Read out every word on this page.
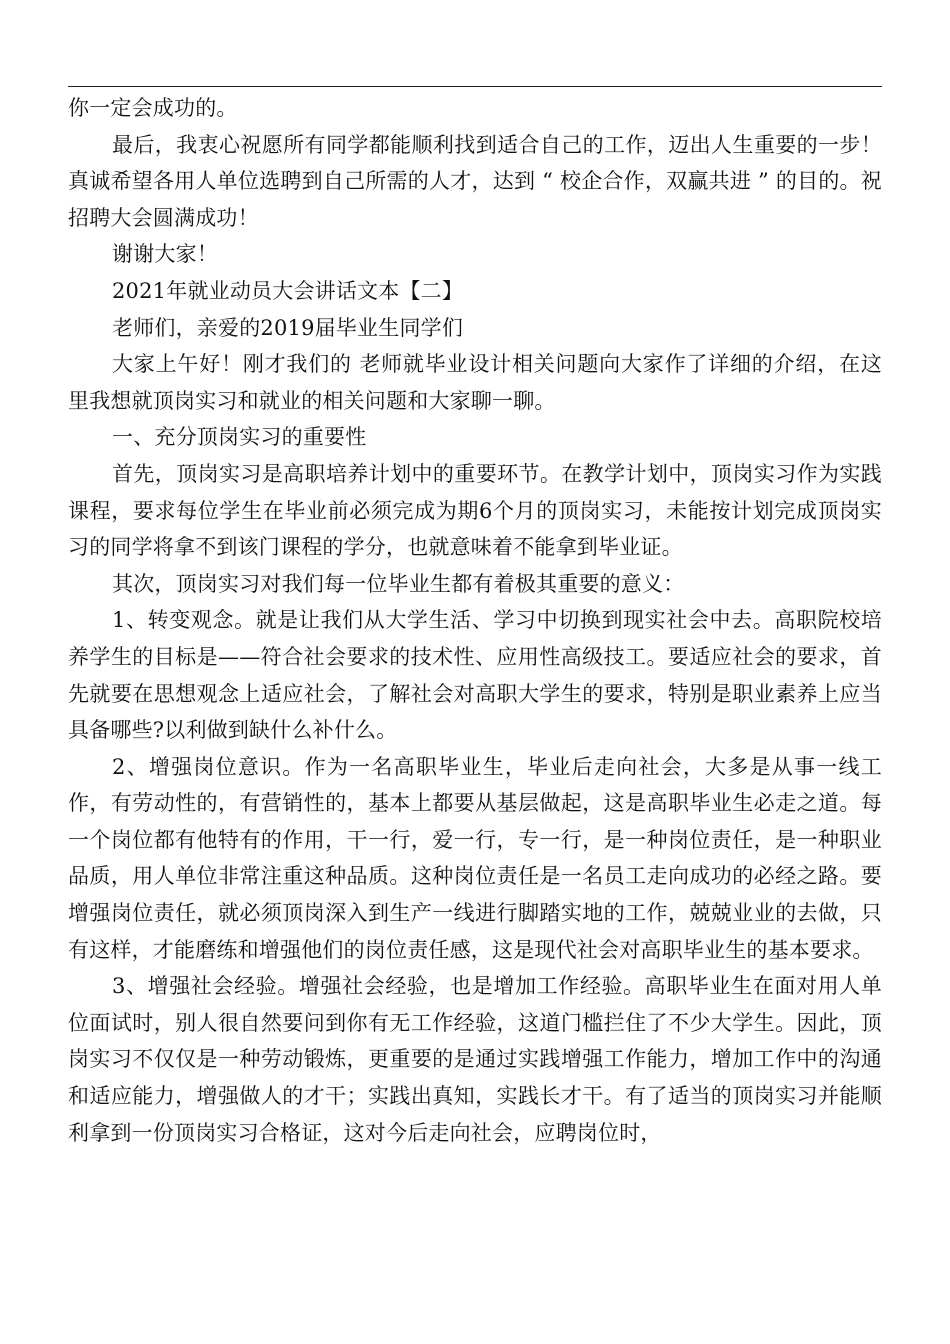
你一定会成功的。

最后，我衷心祝愿所有同学都能顺利找到适合自己的工作，迈出人生重要的一步！真诚希望各用人单位选聘到自己所需的人才，达到 “ 校企合作，双赢共进 ” 的目的。祝招聘大会圆满成功！

谢谢大家！

2021年就业动员大会讲话文本【二】

老师们，亲爱的2019届毕业生同学们

大家上午好！刚才我们的 老师就毕业设计相关问题向大家作了详细的介绍，在这里我想就顶岗实习和就业的相关问题和大家聊一聊。

一、充分顶岗实习的重要性

首先，顶岗实习是高职培养计划中的重要环节。在教学计划中，顶岗实习作为实践课程，要求每位学生在毕业前必须完成为期6个月的顶岗实习，未能按计划完成顶岗实习的同学将拿不到该门课程的学分，也就意味着不能拿到毕业证。

其次，顶岗实习对我们每一位毕业生都有着极其重要的意义：

1、转变观念。就是让我们从大学生活、学习中切换到现实社会中去。高职院校培养学生的目标是——符合社会要求的技术性、应用性高级技工。要适应社会的要求，首先就要在思想观念上适应社会，了解社会对高职大学生的要求，特别是职业素养上应当具备哪些?以利做到缺什么补什么。

2、增强岗位意识。作为一名高职毕业生，毕业后走向社会，大多是从事一线工作，有劳动性的，有营销性的，基本上都要从基层做起，这是高职毕业生必走之道。每一个岗位都有他特有的作用，干一行，爱一行，专一行，是一种岗位责任，是一种职业品质，用人单位非常注重这种品质。这种岗位责任是一名员工走向成功的必经之路。要增强岗位责任，就必须顶岗深入到生产一线进行脚踏实地的工作，兢兢业业的去做，只有这样，才能磨练和增强他们的岗位责任感，这是现代社会对高职毕业生的基本要求。

3、增强社会经验。增强社会经验，也是增加工作经验。高职毕业生在面对用人单位面试时，别人很自然要问到你有无工作经验，这道门槛拦住了不少大学生。因此，顶岗实习不仅仅是一种劳动锻炼，更重要的是通过实践增强工作能力，增加工作中的沟通和适应能力，增强做人的才干；实践出真知，实践长才干。有了适当的顶岗实习并能顺利拿到一份顶岗实习合格证，这对今后走向社会，应聘岗位时，
